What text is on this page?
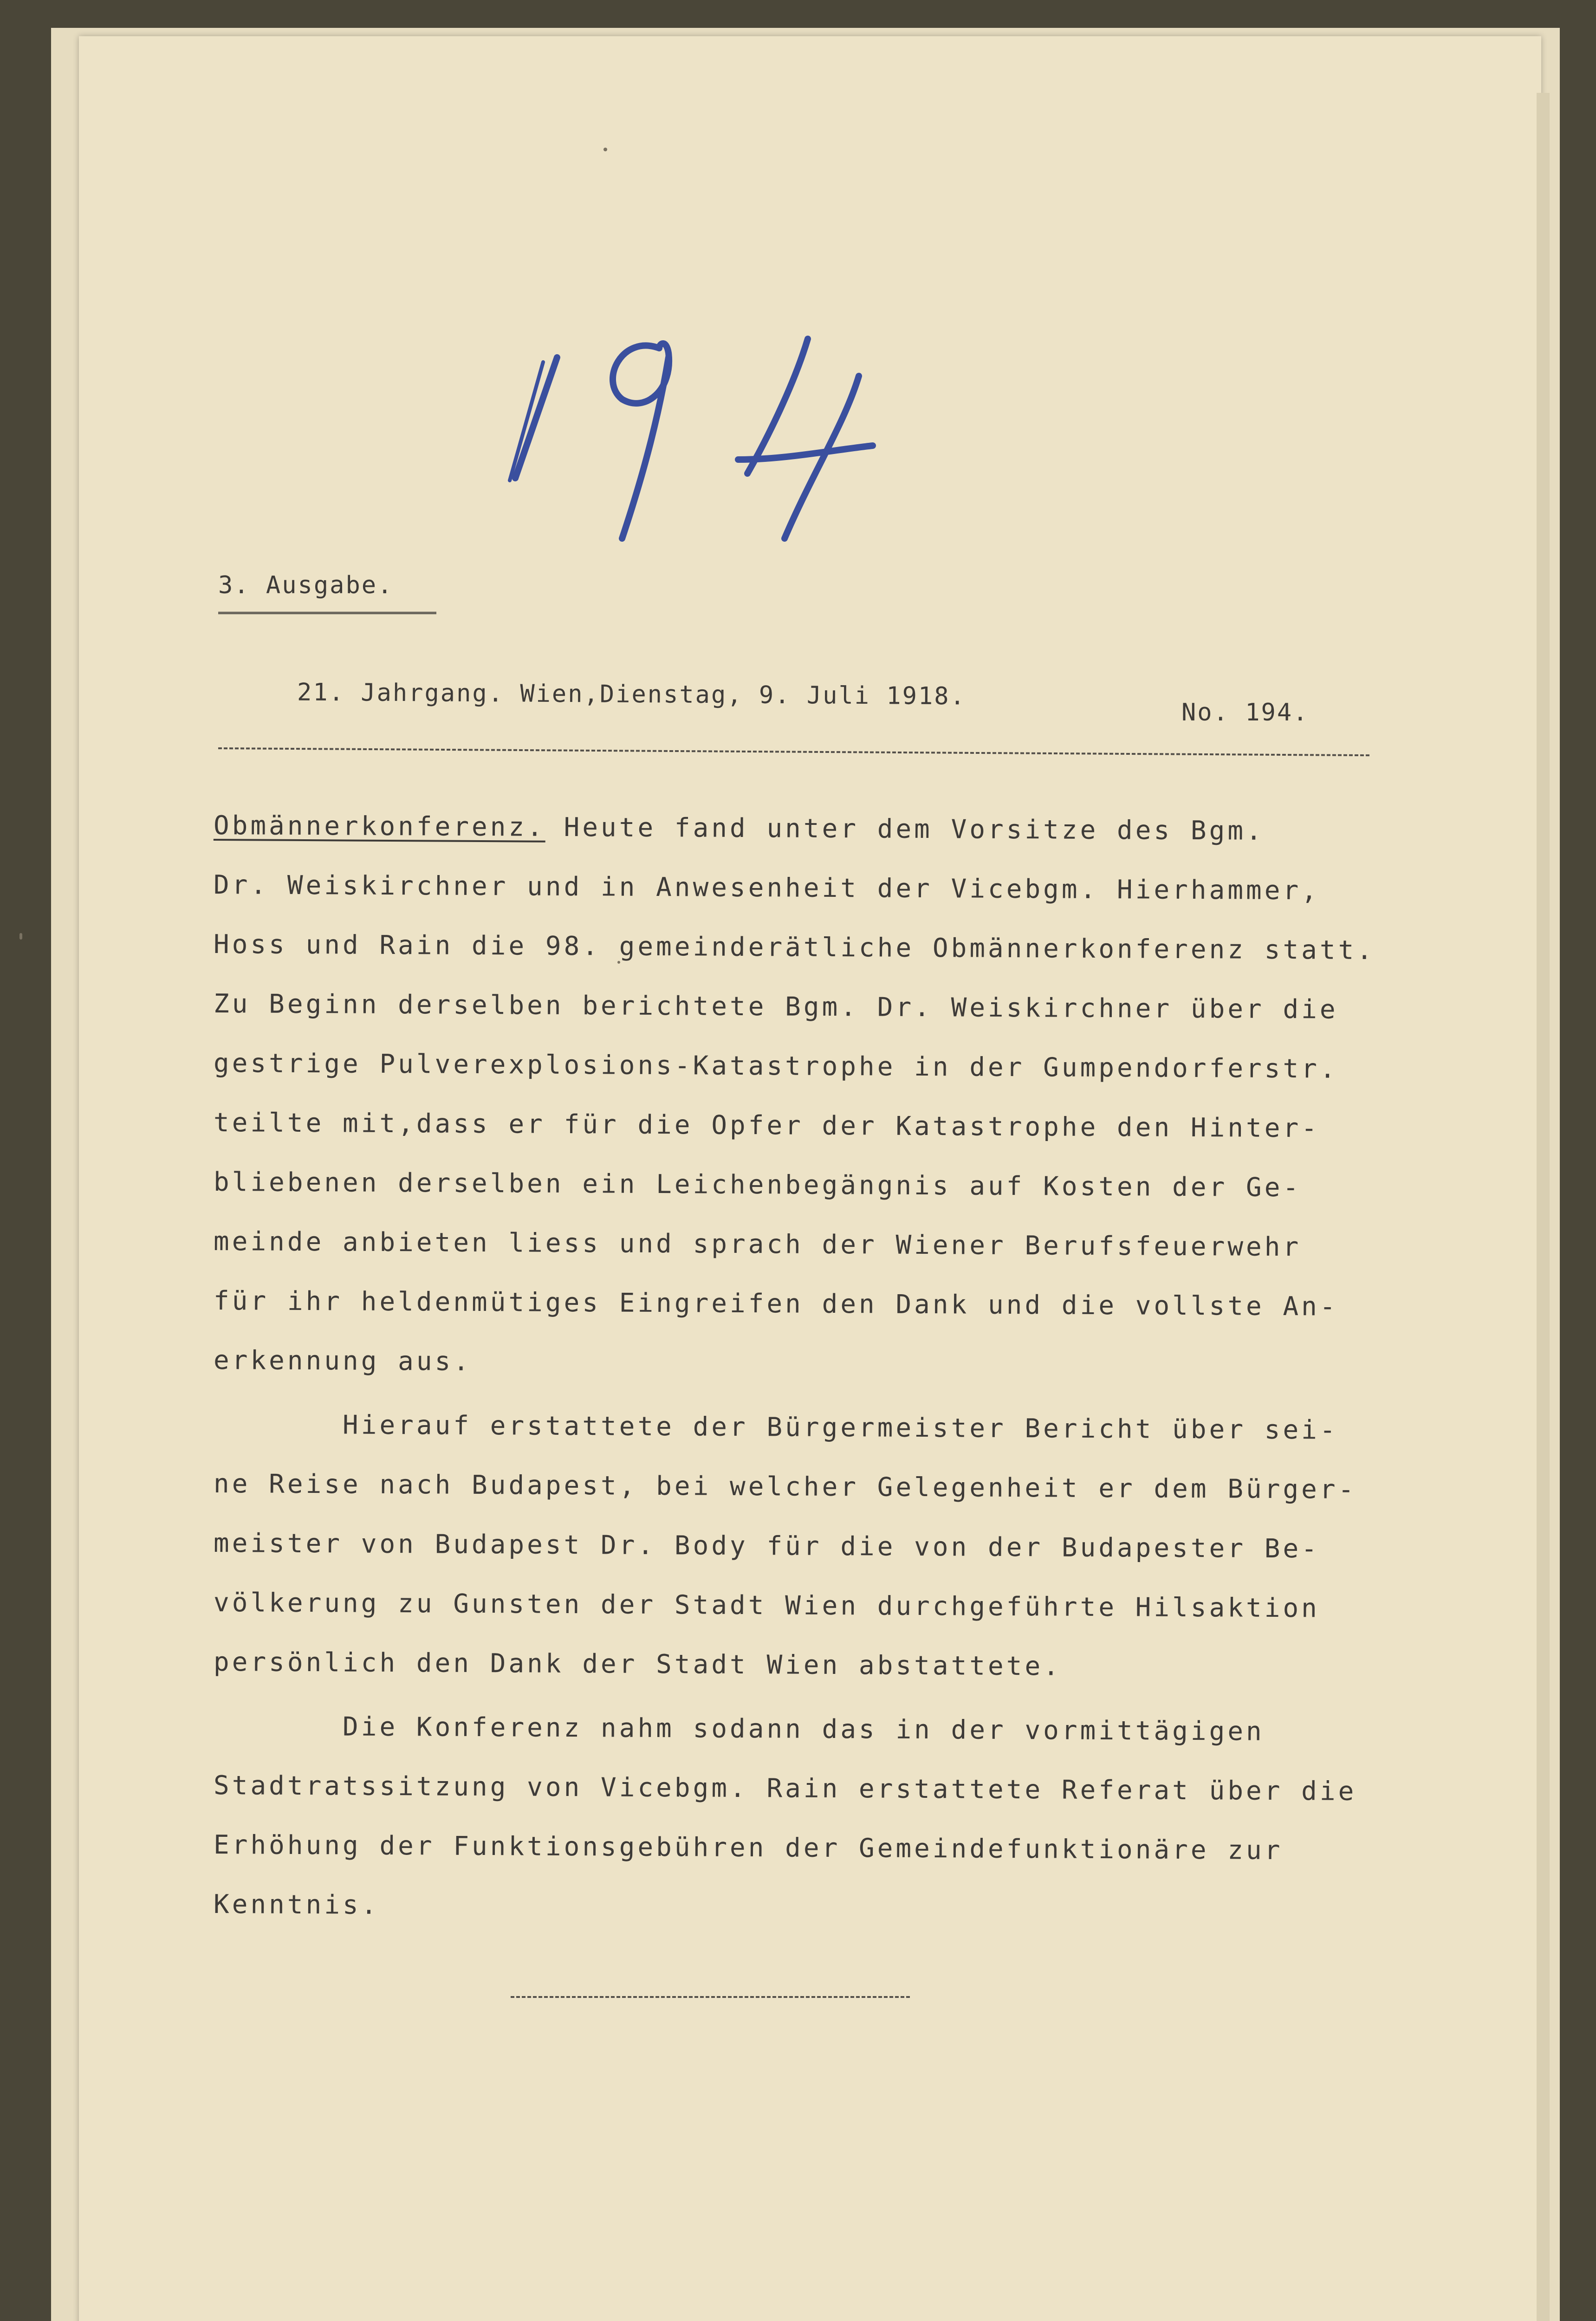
3. Ausgabe.
21. Jahrgang. Wien,Dienstag, 9. Juli 1918.
No. 194.
Obmännerkonferenz. Heute fand unter dem Vorsitze des Bgm.
Dr. Weiskirchner und in Anwesenheit der Vicebgm. Hierhammer,
Hoss und Rain die 98. gemeinderätliche Obmännerkonferenz statt.
Zu Beginn derselben berichtete Bgm. Dr. Weiskirchner über die
gestrige Pulverexplosions-Katastrophe in der Gumpendorferstr.
teilte mit,dass er für die Opfer der Katastrophe den Hinter-
bliebenen derselben ein Leichenbegängnis auf Kosten der Ge-
meinde anbieten liess und sprach der Wiener Berufsfeuerwehr
für ihr heldenmütiges Eingreifen den Dank und die vollste An-
erkennung aus.
Hierauf erstattete der Bürgermeister Bericht über sei-
ne Reise nach Budapest, bei welcher Gelegenheit er dem Bürger-
meister von Budapest Dr. Body für die von der Budapester Be-
völkerung zu Gunsten der Stadt Wien durchgeführte Hilsaktion
persönlich den Dank der Stadt Wien abstattete.
Die Konferenz nahm sodann das in der vormittägigen
Stadtratssitzung von Vicebgm. Rain erstattete Referat über die
Erhöhung der Funktionsgebühren der Gemeindefunktionäre zur
Kenntnis.
